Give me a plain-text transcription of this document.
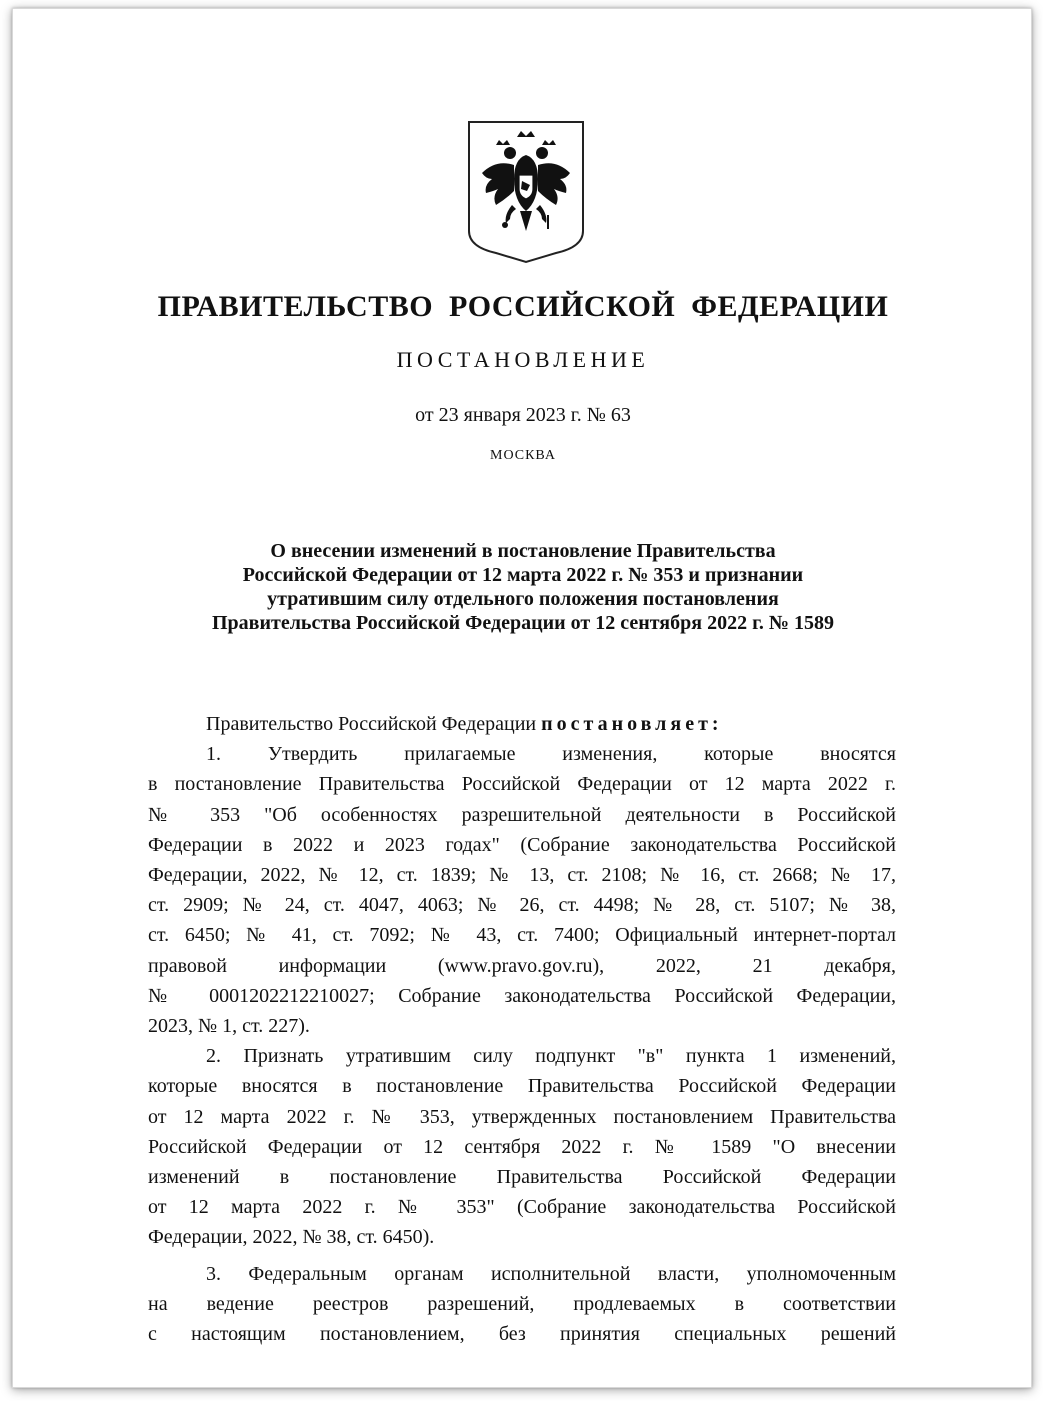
ПРАВИТЕЛЬСТВО РОССИЙСКОЙ ФЕДЕРАЦИИ
ПОСТАНОВЛЕНИЕ
от 23 января 2023 г. № 63
МОСКВА
О внесении изменений в постановление Правительства
Российской Федерации от 12 марта 2022 г. № 353 и признании
утратившим силу отдельного положения постановления
Правительства Российской Федерации от 12 сентября 2022 г. № 1589
Правительство Российской Федерации постановляет:
1. Утвердить прилагаемые изменения, которые вносятся
в постановление Правительства Российской Федерации от 12 марта 2022 г.
№ 353 "Об особенностях разрешительной деятельности в Российской
Федерации в 2022 и 2023 годах" (Собрание законодательства Российской
Федерации, 2022, № 12, ст. 1839; № 13, ст. 2108; № 16, ст. 2668; № 17,
ст. 2909; № 24, ст. 4047, 4063; № 26, ст. 4498; № 28, ст. 5107; № 38,
ст. 6450; № 41, ст. 7092; № 43, ст. 7400; Официальный интернет-портал
правовой информации (www.pravo.gov.ru), 2022, 21 декабря,
№ 0001202212210027; Собрание законодательства Российской Федерации,
2023, № 1, ст. 227).
2. Признать утратившим силу подпункт "в" пункта 1 изменений,
которые вносятся в постановление Правительства Российской Федерации
от 12 марта 2022 г. № 353, утвержденных постановлением Правительства
Российской Федерации от 12 сентября 2022 г. № 1589 "О внесении
изменений в постановление Правительства Российской Федерации
от 12 марта 2022 г. № 353" (Собрание законодательства Российской
Федерации, 2022, № 38, ст. 6450).
3. Федеральным органам исполнительной власти, уполномоченным
на ведение реестров разрешений, продлеваемых в соответствии
с настоящим постановлением, без принятия специальных решений
